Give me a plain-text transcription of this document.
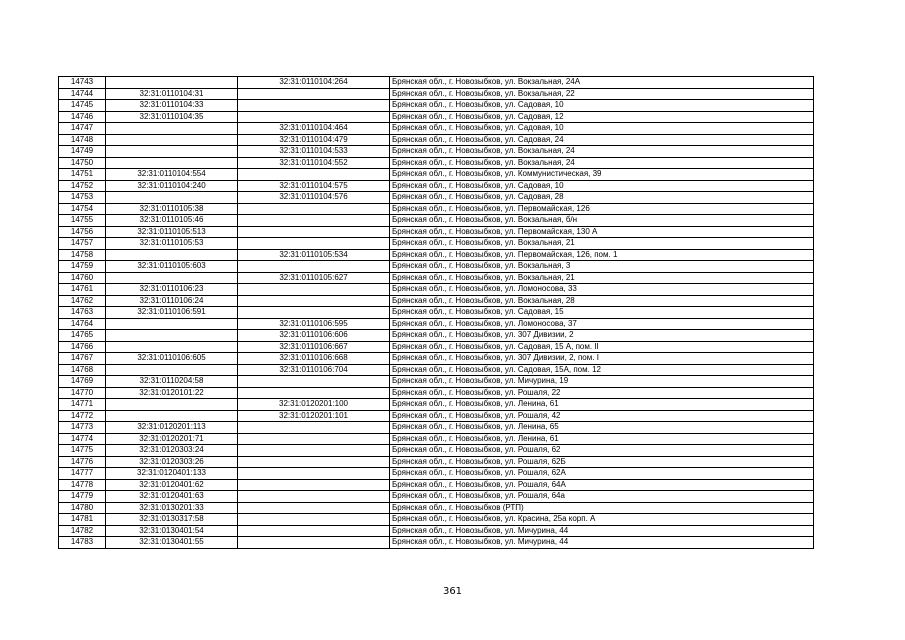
14743		32:31:0110104:264	Брянская обл., г. Новозыбков, ул. Вокзальная, 24А
14744	32:31:0110104:31		Брянская обл., г. Новозыбков, ул. Вокзальная, 22
14745	32:31:0110104:33		Брянская обл., г. Новозыбков, ул. Садовая, 10
14746	32:31:0110104:35		Брянская обл., г. Новозыбков, ул. Садовая, 12
14747		32:31:0110104:464	Брянская обл., г. Новозыбков, ул. Садовая, 10
14748		32:31:0110104:479	Брянская обл., г. Новозыбков, ул. Садовая, 24
14749		32:31:0110104:533	Брянская обл., г. Новозыбков, ул. Вокзальная, 24
14750		32:31:0110104:552	Брянская обл., г. Новозыбков, ул. Вокзальная, 24
14751	32:31:0110104:554		Брянская обл., г. Новозыбков, ул. Коммунистическая, 39
14752	32:31:0110104:240	32:31:0110104:575	Брянская обл., г. Новозыбков, ул. Садовая, 10
14753		32:31:0110104:576	Брянская обл., г. Новозыбков, ул. Садовая, 28
14754	32:31:0110105:38		Брянская обл., г. Новозыбков, ул. Первомайская, 126
14755	32:31:0110105:46		Брянская обл., г. Новозыбков, ул. Вокзальная, б/н
14756	32:31:0110105:513		Брянская обл., г. Новозыбков, ул. Первомайская, 130 А
14757	32:31:0110105:53		Брянская обл., г. Новозыбков, ул. Вокзальная, 21
14758		32:31:0110105:534	Брянская обл., г. Новозыбков, ул. Первомайская, 126, пом. 1
14759	32:31:0110105:603		Брянская обл., г. Новозыбков, ул. Вокзальная, 3
14760		32:31:0110105:627	Брянская обл., г. Новозыбков, ул. Вокзальная, 21
14761	32:31:0110106:23		Брянская обл., г. Новозыбков, ул. Ломоносова, 33
14762	32:31:0110106:24		Брянская обл., г. Новозыбков, ул. Вокзальная, 28
14763	32:31:0110106:591		Брянская обл., г. Новозыбков, ул. Садовая, 15
14764		32:31:0110106:595	Брянская обл., г. Новозыбков, ул. Ломоносова, 37
14765		32:31:0110106:606	Брянская обл., г. Новозыбков, ул. 307 Дивизии, 2
14766		32:31:0110106:667	Брянская обл., г. Новозыбков, ул. Садовая, 15 А, пом. II
14767	32:31:0110106:605	32:31:0110106:668	Брянская обл., г. Новозыбков, ул. 307 Дивизии, 2, пом. I
14768		32:31:0110106:704	Брянская обл., г. Новозыбков, ул. Садовая, 15А, пом. 12
14769	32:31:0110204:58		Брянская обл., г. Новозыбков, ул. Мичурина, 19
14770	32:31:0120101:22		Брянская обл., г. Новозыбков, ул. Рошаля, 22
14771		32:31:0120201:100	Брянская обл., г. Новозыбков, ул. Ленина, 61
14772		32:31:0120201:101	Брянская обл., г. Новозыбков, ул. Рошаля, 42
14773	32:31:0120201:113		Брянская обл., г. Новозыбков, ул. Ленина, 65
14774	32:31:0120201:71		Брянская обл., г. Новозыбков, ул. Ленина, 61
14775	32:31:0120303:24		Брянская обл., г. Новозыбков, ул. Рошаля, 62
14776	32:31:0120303:26		Брянская обл., г. Новозыбков, ул. Рошаля, 62Б
14777	32:31:0120401:133		Брянская обл., г. Новозыбков, ул. Рошаля, 62А
14778	32:31:0120401:62		Брянская обл., г. Новозыбков, ул. Рошаля, 64А
14779	32:31:0120401:63		Брянская обл., г. Новозыбков, ул. Рошаля, 64а
14780	32:31:0130201:33		Брянская обл., г. Новозыбков (РТП)
14781	32:31:0130317:58		Брянская обл., г. Новозыбков, ул. Красина, 25а корп. А
14782	32:31:0130401:54		Брянская обл., г. Новозыбков, ул. Мичурина, 44
14783	32:31:0130401:55		Брянская обл., г. Новозыбков, ул. Мичурина, 44
361
